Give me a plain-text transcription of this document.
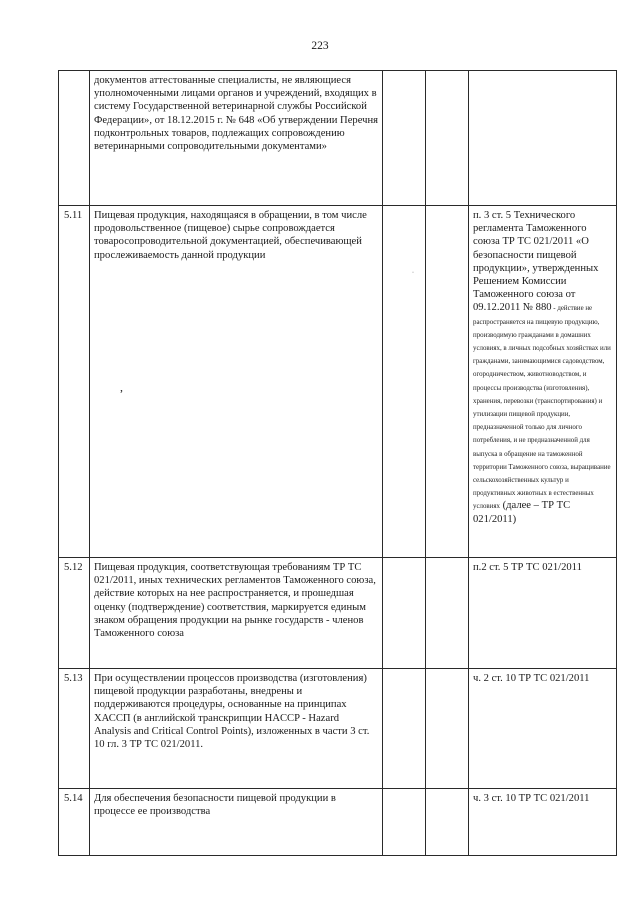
223
	документов аттестованные специалисты, не являющиеся уполномоченными лицами органов и учреждений, входящих в систему Государственной ветеринарной службы Российской Федерации», от 18.12.2015 г. № 648 «Об утверждении Перечня подконтрольных товаров, подлежащих сопровождению ветеринарными сопроводительными документами»			
5.11	Пищевая продукция, находящаяся в обращении, в том числе продовольственное (пищевое) сырье сопровождается товаросопроводительной документацией, обеспечивающей прослеживаемость данной продукции			п. 3 ст. 5 Технического регламента Таможенного союза ТР ТС 021/2011 «О безопасности пищевой продукции», утвержденных Решением Комиссии Таможенного союза от 09.12.2011 № 880 - действие не распространяется на пищевую продукцию, производимую гражданами в домашних условиях, в личных подсобных хозяйствах или гражданами, занимающимися садоводством, огородничеством, животноводством, и процессы производства (изготовления), хранения, перевозки (транспортирования) и утилизации пищевой продукции, предназначенной только для личного потребления, и не предназначенной для выпуска в обращение на таможенной территории Таможенного союза, выращивание сельскохозяйственных культур и продуктивных животных в естественных условиях (далее – ТР ТС 021/2011)
5.12	Пищевая продукция, соответствующая требованиям ТР ТС 021/2011, иных технических регламентов Таможенного союза, действие которых на нее распространяется, и прошедшая оценку (подтверждение) соответствия, маркируется единым знаком обращения продукции на рынке государств - членов Таможенного союза			п.2 ст. 5 ТР ТС 021/2011
5.13	При осуществлении процессов производства (изготовления) пищевой продукции разработаны, внедрены и поддерживаются процедуры, основанные на принципах ХАССП (в английской транскрипции HACCP - Hazard Analysis and Critical Control Points), изложенных в части 3 ст. 10 гл. 3 ТР ТС 021/2011.			ч. 2 ст. 10 ТР ТС 021/2011
5.14	Для обеспечения безопасности пищевой продукции в процессе ее производства			ч. 3 ст. 10 ТР ТС 021/2011
,
·
